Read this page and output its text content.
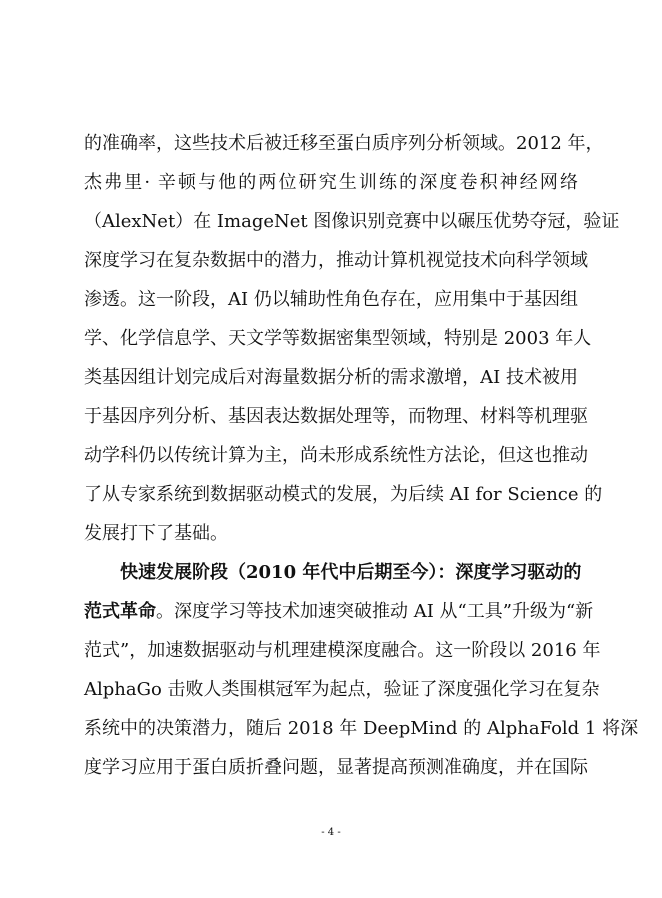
的准确率，这些技术后被迁移至蛋白质序列分析领域。2012 年，
杰弗里· 辛顿与他的两位研究生训练的深度卷积神经网络
（AlexNet）在 ImageNet 图像识别竞赛中以碾压优势夺冠，验证
深度学习在复杂数据中的潜力，推动计算机视觉技术向科学领域
渗透。这一阶段，AI 仍以辅助性角色存在，应用集中于基因组
学、化学信息学、天文学等数据密集型领域，特别是 2003 年人
类基因组计划完成后对海量数据分析的需求激增，AI 技术被用
于基因序列分析、基因表达数据处理等，而物理、材料等机理驱
动学科仍以传统计算为主，尚未形成系统性方法论，但这也推动
了从专家系统到数据驱动模式的发展，为后续 AI for Science 的
发展打下了基础。
快速发展阶段（2010 年代中后期至今）：深度学习驱动的
范式革命。深度学习等技术加速突破推动 AI 从“工具”升级为“新
范式”，加速数据驱动与机理建模深度融合。这一阶段以 2016 年
AlphaGo 击败人类围棋冠军为起点，验证了深度强化学习在复杂
系统中的决策潜力，随后 2018 年 DeepMind 的 AlphaFold 1 将深
度学习应用于蛋白质折叠问题，显著提高预测准确度，并在国际
- 4 -
